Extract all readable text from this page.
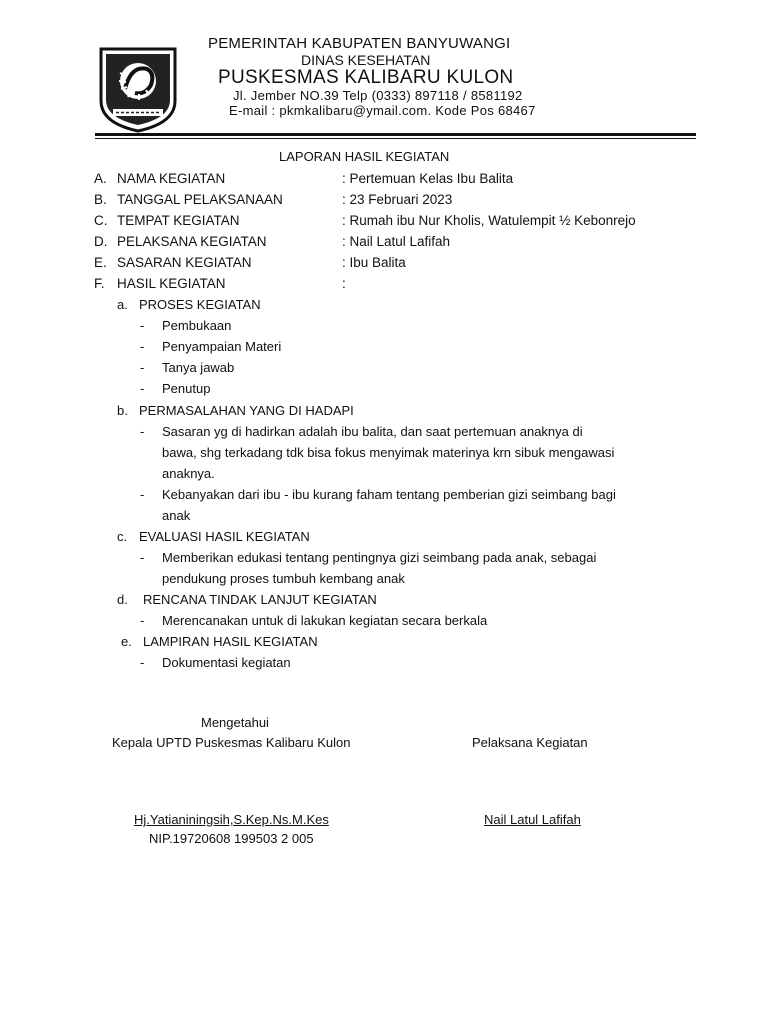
PEMERINTAH KABUPATEN BANYUWANGI
DINAS KESEHATAN
PUSKESMAS KALIBARU KULON
Jl. Jember NO.39 Telp (0333) 897118 / 8581192
E-mail : pkmkalibaru@ymail.com. Kode Pos 68467
LAPORAN HASIL KEGIATAN
A. NAMA KEGIATAN	: Pertemuan Kelas Ibu Balita
B. TANGGAL PELAKSANAAN	: 23 Februari 2023
C. TEMPAT KEGIATAN	: Rumah ibu Nur Kholis, Watulempit ½ Kebonrejo
D. PELAKSANA KEGIATAN	: Nail Latul Lafifah
E. SASARAN KEGIATAN	: Ibu Balita
F. HASIL KEGIATAN	:
a. PROSES KEGIATAN
- Pembukaan
- Penyampaian Materi
- Tanya jawab
- Penutup
b. PERMASALAHAN YANG DI HADAPI
- Sasaran yg di hadirkan adalah ibu balita, dan saat pertemuan anaknya di
bawa, shg terkadang tdk bisa fokus menyimak materinya krn sibuk mengawasi
anaknya.
- Kebanyakan dari ibu - ibu kurang faham tentang pemberian gizi seimbang bagi
anak
c. EVALUASI HASIL KEGIATAN
- Memberikan edukasi tentang pentingnya gizi seimbang pada anak, sebagai
pendukung proses tumbuh kembang anak
d. RENCANA TINDAK LANJUT KEGIATAN
- Merencanakan untuk di lakukan kegiatan secara berkala
e. LAMPIRAN HASIL KEGIATAN
- Dokumentasi kegiatan
Mengetahui
Kepala UPTD Puskesmas Kalibaru Kulon	Pelaksana Kegiatan
Hj.Yatianiningsih,S.Kep.Ns.M.Kes	Nail Latul Lafifah
NIP.19720608 199503 2 005
